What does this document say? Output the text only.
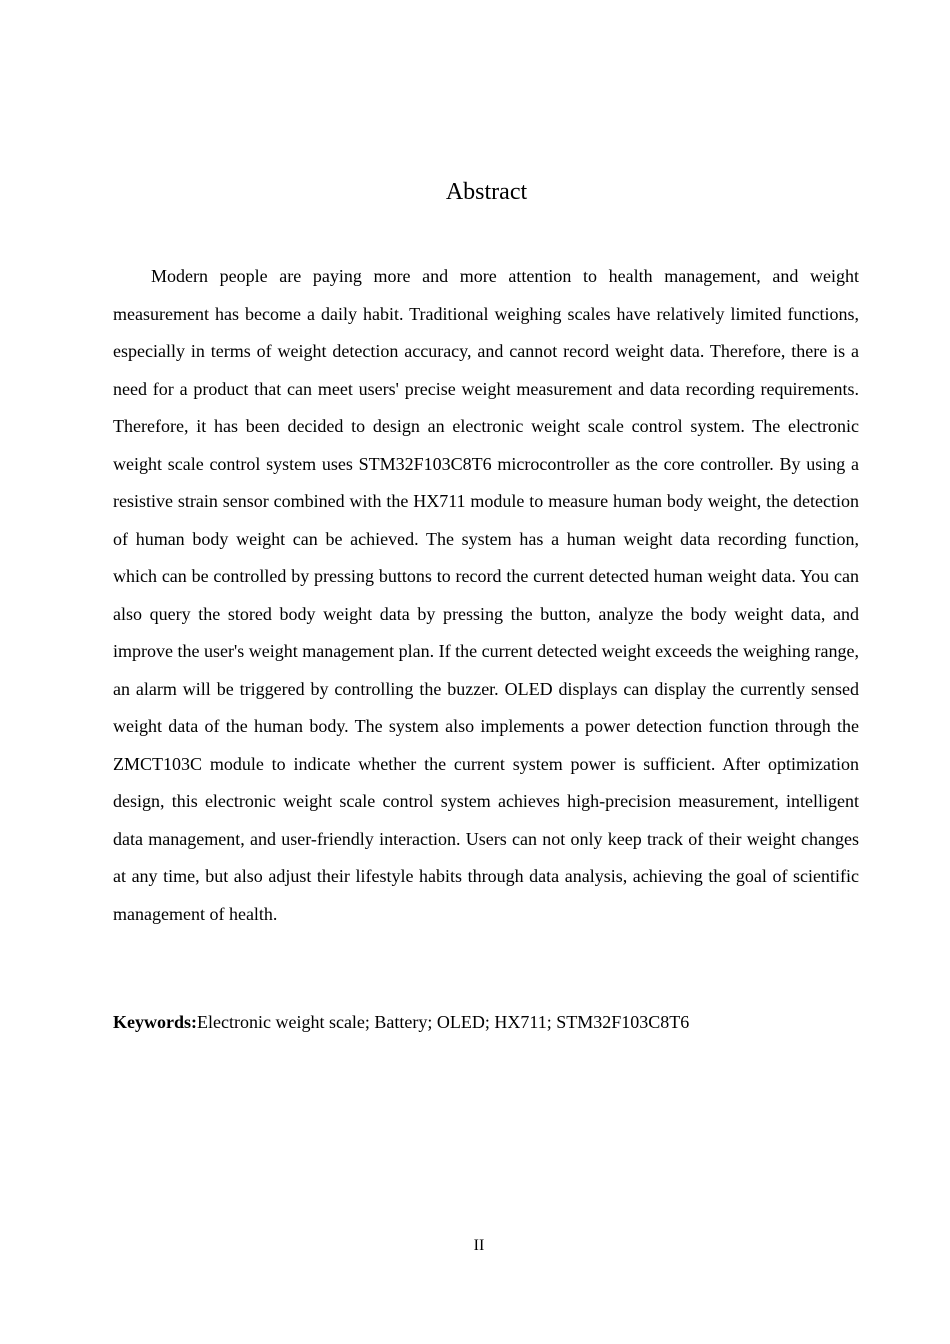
Abstract

Modern people are paying more and more attention to health management, and weight measurement has become a daily habit. Traditional weighing scales have relatively limited functions, especially in terms of weight detection accuracy, and cannot record weight data. Therefore, there is a need for a product that can meet users' precise weight measurement and data recording requirements. Therefore, it has been decided to design an electronic weight scale control system. The electronic weight scale control system uses STM32F103C8T6 microcontroller as the core controller. By using a resistive strain sensor combined with the HX711 module to measure human body weight, the detection of human body weight can be achieved. The system has a human weight data recording function, which can be controlled by pressing buttons to record the current detected human weight data. You can also query the stored body weight data by pressing the button, analyze the body weight data, and improve the user's weight management plan. If the current detected weight exceeds the weighing range, an alarm will be triggered by controlling the buzzer. OLED displays can display the currently sensed weight data of the human body. The system also implements a power detection function through the ZMCT103C module to indicate whether the current system power is sufficient. After optimization design, this electronic weight scale control system achieves high-precision measurement, intelligent data management, and user-friendly interaction. Users can not only keep track of their weight changes at any time, but also adjust their lifestyle habits through data analysis, achieving the goal of scientific management of health.

Keywords:Electronic weight scale; Battery; OLED; HX711; STM32F103C8T6

II
